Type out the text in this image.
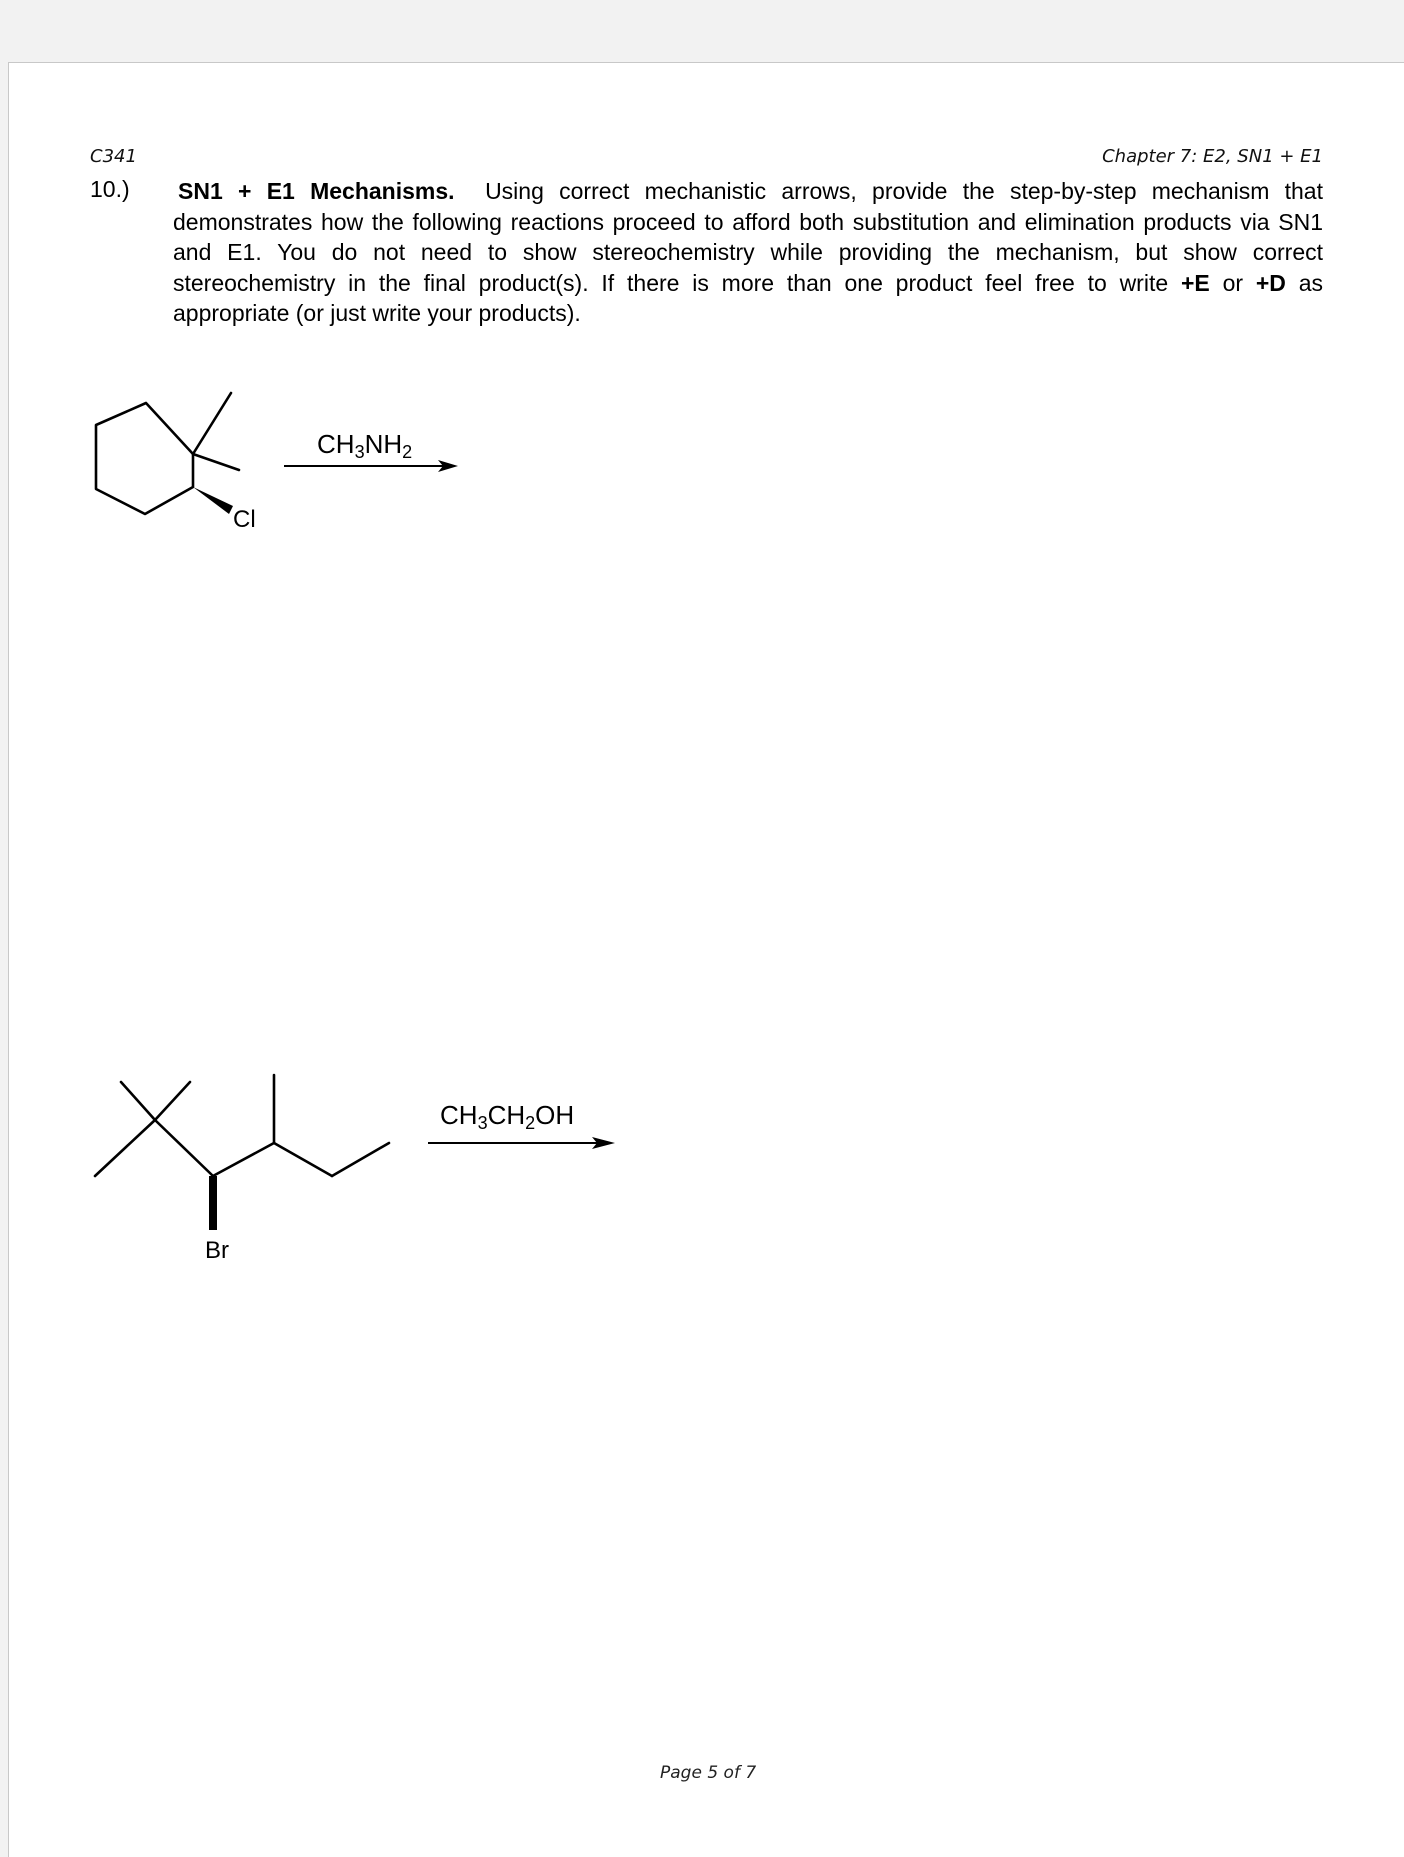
C341	Chapter 7: E2, SN1 + E1
10.) SN1 + E1 Mechanisms. Using correct mechanistic arrows, provide the step-by-step mechanism that demonstrates how the following reactions proceed to afford both substitution and elimination products via SN1 and E1. You do not need to show stereochemistry while providing the mechanism, but show correct stereochemistry in the final product(s). If there is more than one product feel free to write +E or +D as appropriate (or just write your products).
Cl
$CH_3NH_2$
Br
$CH_3CH_2OH$
Page 5 of 7
